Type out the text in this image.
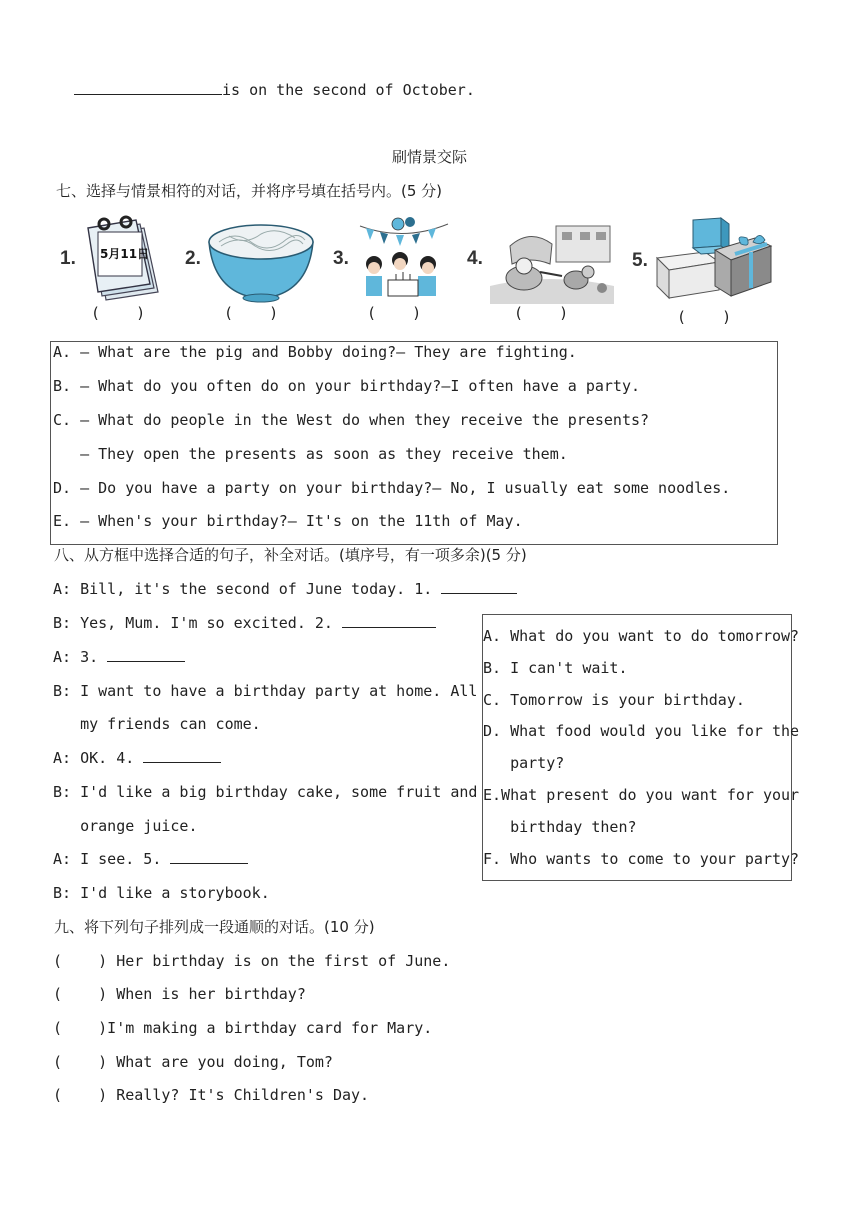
is on the second of October.
刷情景交际
七、选择与情景相符的对话，并将序号填在括号内。(5 分)
1. 5月11日
(    )
2.
(    )
3.
(    )
4.
(    )
5.
(    )
A. — What are the pig and Bobby doing?— They are fighting.
B. — What do you often do on your birthday?—I often have a party.
C. — What do people in the West do when they receive the presents?
— They open the presents as soon as they receive them.
D. — Do you have a party on your birthday?— No, I usually eat some noodles.
E. — When's your birthday?— It's on the 11th of May.
八、从方框中选择合适的句子，补全对话。(填序号，有一项多余)(5 分)
A: Bill, it's the second of June today. 1.
B: Yes, Mum. I'm so excited. 2.
A: 3.
B: I want to have a birthday party at home. All
my friends can come.
A: OK. 4.
B: I'd like a big birthday cake, some fruit and
orange juice.
A: I see. 5.
B: I'd like a storybook.
A. What do you want to do tomorrow?
B. I can't wait.
C. Tomorrow is your birthday.
D. What food would you like for the
party?
E.What present do you want for your
birthday then?
F. Who wants to come to your party?
九、将下列句子排列成一段通顺的对话。(10 分)
(    ) Her birthday is on the first of June.
(    ) When is her birthday?
(    )I'm making a birthday card for Mary.
(    ) What are you doing, Tom?
(    ) Really? It's Children's Day.
